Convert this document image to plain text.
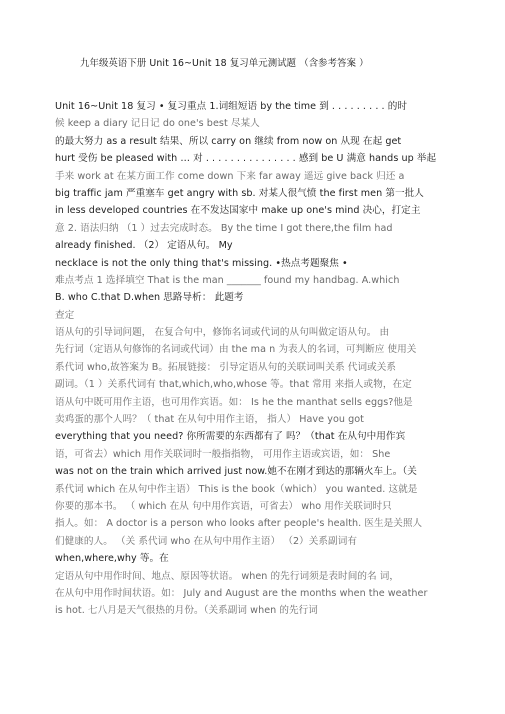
九年级英语下册 Unit 16~Unit 18 复习单元测试题 （含参考答案 ）
Unit 16~Unit 18 复习 • 复习重点 1.词组短语 by the time 到 . . . . . . . . . 的时
候 keep a diary 记日记 do one's best 尽某人
的最大努力 as a result 结果、所以 carry on 继续 from now on 从现 在起 get
hurt 受伤 be pleased with … 对 . . . . . . . . . . . . . . . 感到 be U 满意 hands up 举起
手来 work at 在某方面工作 come down 下来 far away 遥远 give back 归还 a
big traffic jam 严重塞车 get angry with sb. 对某人很气愤 the first men 第一批人
in less developed countries 在不发达国家中 make up one's mind 决心，打定主
意 2. 语法归纳 （1 ）过去完成时态。 By the time I got there,the film had
already finished. （2） 定语从句。 My
necklace is not the only thing that's missing. •热点考题聚焦 •
难点考点 1 选择填空 That is the man _______ found my handbag. A.which
B. who C.that D.when 思路导析： 此题考
查定
语从句的引导词问题， 在复合句中，修饰名词或代词的从句叫做定语从句。 由
先行词（定语从句修饰的名词或代词）由 the ma n 为表人的名词，可判断应 使用关
系代词 who,故答案为 B。拓展链接： 引导定语从句的关联词叫关系 代词或关系
副词。（1 ）关系代词有 that,which,who,whose 等。that 常用 来指人或物，在定
语从句中既可用作主语，也可用作宾语。如： Is he the manthat sells eggs?他是
卖鸡蛋的那个人吗？（ that 在从句中用作主语， 指人） Have you got
everything that you need? 你所需要的东西都有了 吗？（that 在从句中用作宾
语，可省去）which 用作关联词时一般指指物， 可用作主语或宾语，如： She
was not on the train which arrived just now.她不在刚才到达的那辆火车上。（关
系代词 which 在从句中作主语） This is the book（which） you wanted. 这就是
你要的那本书。 （ which 在从 句中用作宾语，可省去） who 用作关联词时只
指人。如： A doctor is a person who looks after people's health. 医生是关照人
们健康的人。 （关 系代词 who 在从句中用作主语） （2）关系副词有
when,where,why 等。在
定语从句中用作时间、地点、原因等状语。 when 的先行词须是表时间的名 词，
在从句中用作时间状语。如： July and August are the months when the weather
is hot. 七八月是天气很热的月份。（关系副词 when 的先行词
